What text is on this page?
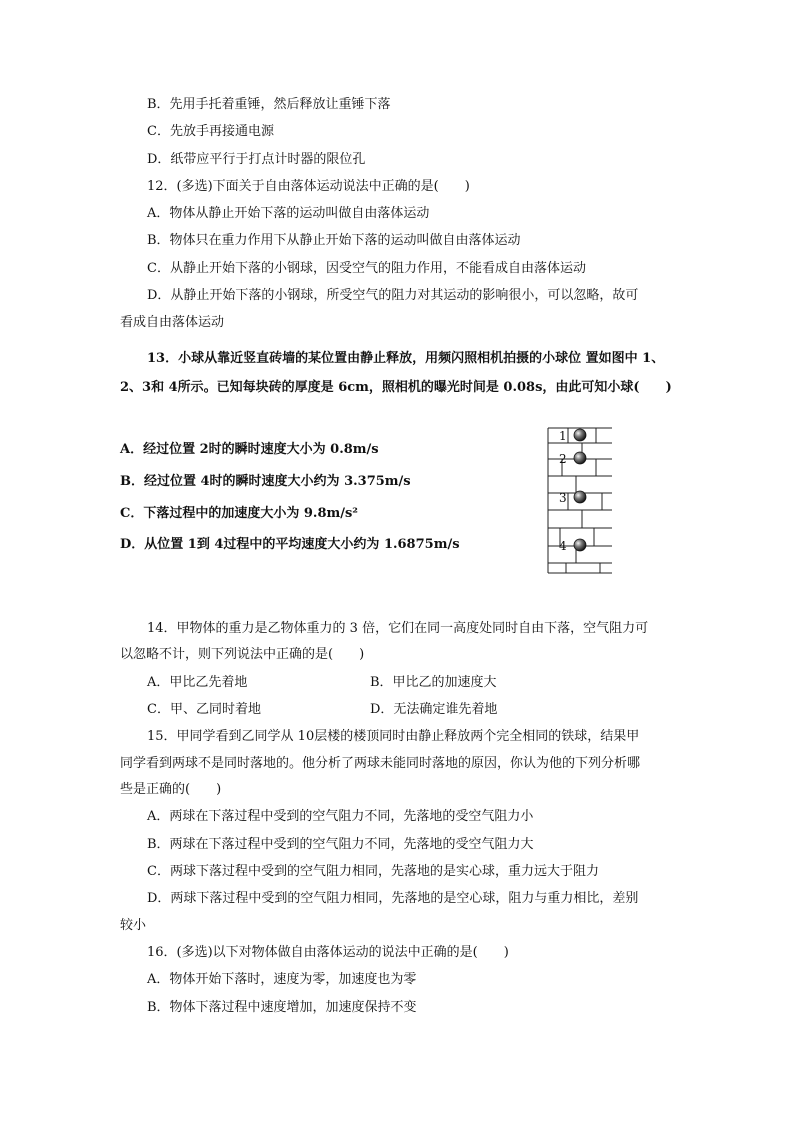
B．先用手托着重锤，然后释放让重锤下落
C．先放手再接通电源
D．纸带应平行于打点计时器的限位孔
12．(多选)下面关于自由落体运动说法中正确的是(　　)
A．物体从静止开始下落的运动叫做自由落体运动
B．物体只在重力作用下从静止开始下落的运动叫做自由落体运动
C．从静止开始下落的小钢球，因受空气的阻力作用，不能看成自由落体运动
D．从静止开始下落的小钢球，所受空气的阻力对其运动的影响很小，可以忽略，故可
看成自由落体运动
13．小球从靠近竖直砖墙的某位置由静止释放，用频闪照相机拍摄的小球位 置如图中 1、
2、3和 4所示。已知每块砖的厚度是 6cm，照相机的曝光时间是 0.08s，由此可知小球(　　)
A．经过位置 2时的瞬时速度大小为 0.8m/s
B．经过位置 4时的瞬时速度大小约为 3.375m/s
C．下落过程中的加速度大小为 9.8m/s²
D．从位置 1到 4过程中的平均速度大小约为 1.6875m/s
1
2
3
4
14．甲物体的重力是乙物体重力的 3 倍，它们在同一高度处同时自由下落，空气阻力可
以忽略不计，则下列说法中正确的是(　　)
A．甲比乙先着地	B．甲比乙的加速度大
C．甲、乙同时着地	D．无法确定谁先着地
15．甲同学看到乙同学从 10层楼的楼顶同时由静止释放两个完全相同的铁球，结果甲
同学看到两球不是同时落地的。他分析了两球未能同时落地的原因，你认为他的下列分析哪
些是正确的(　　)
A．两球在下落过程中受到的空气阻力不同，先落地的受空气阻力小
B．两球在下落过程中受到的空气阻力不同，先落地的受空气阻力大
C．两球下落过程中受到的空气阻力相同，先落地的是实心球，重力远大于阻力
D．两球下落过程中受到的空气阻力相同，先落地的是空心球，阻力与重力相比，差别
较小
16．(多选)以下对物体做自由落体运动的说法中正确的是(　　)
A．物体开始下落时，速度为零，加速度也为零
B．物体下落过程中速度增加，加速度保持不变
